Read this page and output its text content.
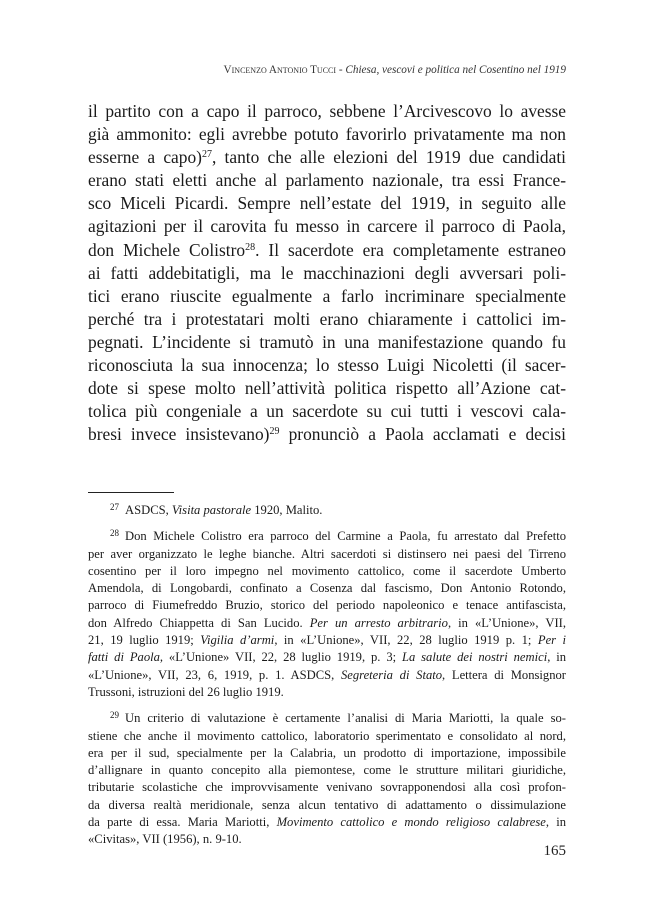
Vincenzo Antonio Tucci - Chiesa, vescovi e politica nel Cosentino nel 1919
il partito con a capo il parroco, sebbene l’Arcivescovo lo avesse
già ammonito: egli avrebbe potuto favorirlo privatamente ma non
esserne a capo)$^{27}$, tanto che alle elezioni del 1919 due candidati
erano stati eletti anche al parlamento nazionale, tra essi France-
sco Miceli Picardi. Sempre nell’estate del 1919, in seguito alle
agitazioni per il carovita fu messo in carcere il parroco di Paola,
don Michele Colistro$^{28}$. Il sacerdote era completamente estraneo
ai fatti addebitatigli, ma le macchinazioni degli avversari poli-
tici erano riuscite egualmente a farlo incriminare specialmente
perché tra i protestatari molti erano chiaramente i cattolici im-
pegnati. L’incidente si tramutò in una manifestazione quando fu
riconosciuta la sua innocenza; lo stesso Luigi Nicoletti (il sacer-
dote si spese molto nell’attività politica rispetto all’Azione cat-
tolica più congeniale a un sacerdote su cui tutti i vescovi cala-
bresi invece insistevano)$^{29}$ pronunciò a Paola acclamati e decisi
$^{27}$ ASDCS, Visita pastorale 1920, Malito.
$^{28}$ Don Michele Colistro era parroco del Carmine a Paola, fu arrestato dal Prefetto
per aver organizzato le leghe bianche. Altri sacerdoti si distinsero nei paesi del Tirreno
cosentino per il loro impegno nel movimento cattolico, come il sacerdote Umberto
Amendola, di Longobardi, confinato a Cosenza dal fascismo, Don Antonio Rotondo,
parroco di Fiumefreddo Bruzio, storico del periodo napoleonico e tenace antifascista,
don Alfredo Chiappetta di San Lucido. Per un arresto arbitrario, in «L’Unione», VII,
21, 19 luglio 1919; Vigilia d’armi, in «L’Unione», VII, 22, 28 luglio 1919 p. 1; Per i
fatti di Paola, «L’Unione» VII, 22, 28 luglio 1919, p. 3; La salute dei nostri nemici, in
«L’Unione», VII, 23, 6, 1919, p. 1. ASDCS, Segreteria di Stato, Lettera di Monsignor
Trussoni, istruzioni del 26 luglio 1919.
$^{29}$ Un criterio di valutazione è certamente l’analisi di Maria Mariotti, la quale so-
stiene che anche il movimento cattolico, laboratorio sperimentato e consolidato al nord,
era per il sud, specialmente per la Calabria, un prodotto di importazione, impossibile
d’allignare in quanto concepito alla piemontese, come le strutture militari giuridiche,
tributarie scolastiche che improvvisamente venivano sovrapponendosi alla così profon-
da diversa realtà meridionale, senza alcun tentativo di adattamento o dissimulazione
da parte di essa. Maria Mariotti, Movimento cattolico e mondo religioso calabrese, in
«Civitas», VII (1956), n. 9-10.
165
